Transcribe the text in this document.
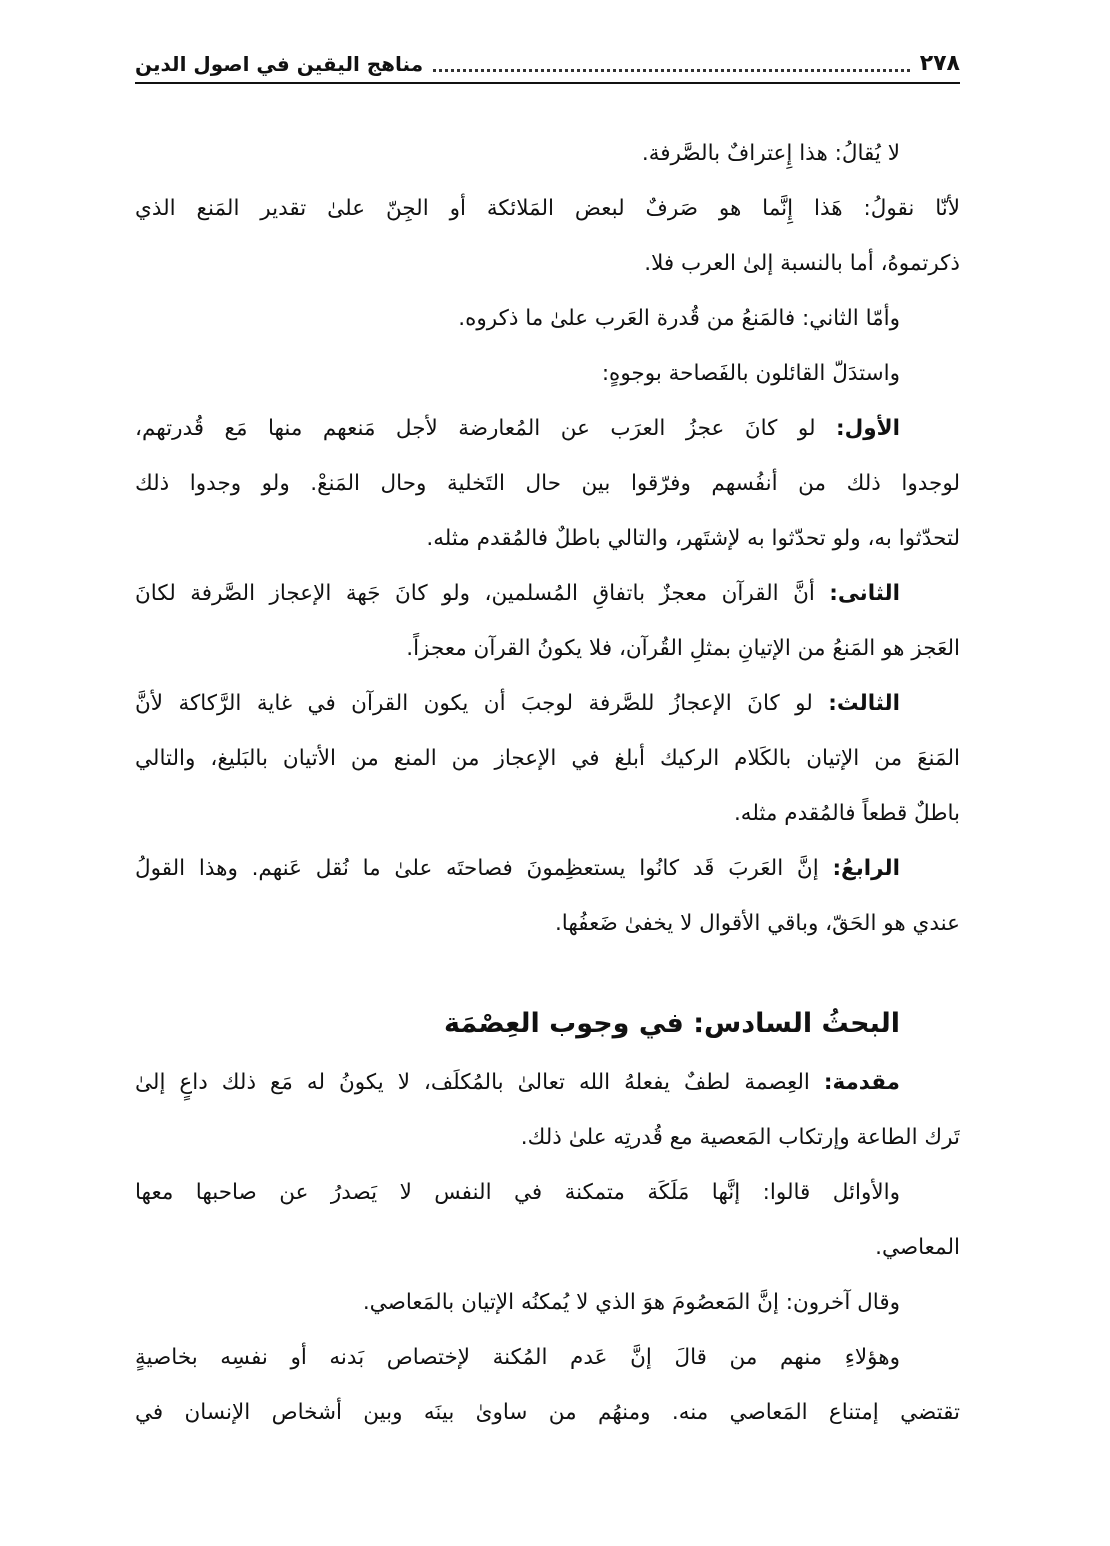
٢٧٨
مناهج اليقين في اصول الدين
لا يُقالُ: هذا إِعترافٌ بالصَّرفة.
لأنّا نقولُ: هَذا إِنَّما هو صَرفٌ لبعض المَلائكة أو الجِنّ علىٰ تقدير المَنع الذي
ذكرتموهُ، أما بالنسبة إلىٰ العرب فلا.
وأمّا الثاني: فالمَنعُ من قُدرة العَرب علىٰ ما ذكروه.
واستدَلّ القائلون بالفَصاحة بوجوهٍ:
الأول: لو كانَ عجزُ العرَب عن المُعارضة لأجل مَنعهم منها مَع قُدرتهم،
لوجدوا ذلك من أنفُسهم وفرّقوا بين حال التَخلية وحال المَنعْ. ولو وجدوا ذلك
لتحدّثوا به، ولو تحدّثوا به لإشتَهر، والتالي باطلٌ فالمُقدم مثله.
الثانى: أنَّ القرآن معجزٌ باتفاقِ المُسلمين، ولو كانَ جَهة الإعجاز الصَّرفة لكانَ
العَجز هو المَنعُ من الإتيانِ بمثلِ القُرآن، فلا يكونُ القرآن معجزاً.
الثالث: لو كانَ الإعجازُ للصَّرفة لوجبَ أن يكون القرآن في غاية الرَّكاكة لأنَّ
المَنعَ من الإتيان بالكَلام الركيك أبلغ في الإعجاز من المنع من الأتيان بالبَليغ، والتالي
باطلٌ قطعاً فالمُقدم مثله.
الرابعُ: إنَّ العَربَ قَد كانُوا يستعظِمونَ فصاحتَه علىٰ ما نُقل عَنهم. وهذا القولُ
عندي هو الحَقّ، وباقي الأقوال لا يخفىٰ ضَعفُها.
البحثُ السادس: في وجوب العِصْمَة
مقدمة: العِصمة لطفٌ يفعلهُ الله تعالىٰ بالمُكلَف، لا يكونُ له مَع ذلك داعٍ إلىٰ
تَرك الطاعة وإرتكاب المَعصية مع قُدرتِه علىٰ ذلك.
والأوائل قالوا: إنَّها مَلَكَة متمكنة في النفس لا يَصدرُ عن صاحبها معها
المعاصي.
وقال آخرون: إنَّ المَعصُومَ هوَ الذي لا يُمكنُه الإتيان بالمَعاصي.
وهؤلاءِ منهم من قالَ إنَّ عَدم المُكنة لإختصاص بَدنه أو نفسِه بخاصيةٍ
تقتضي إمتناع المَعاصي منه. ومنهُم من ساوىٰ بينَه وبين أشخاص الإنسان في
